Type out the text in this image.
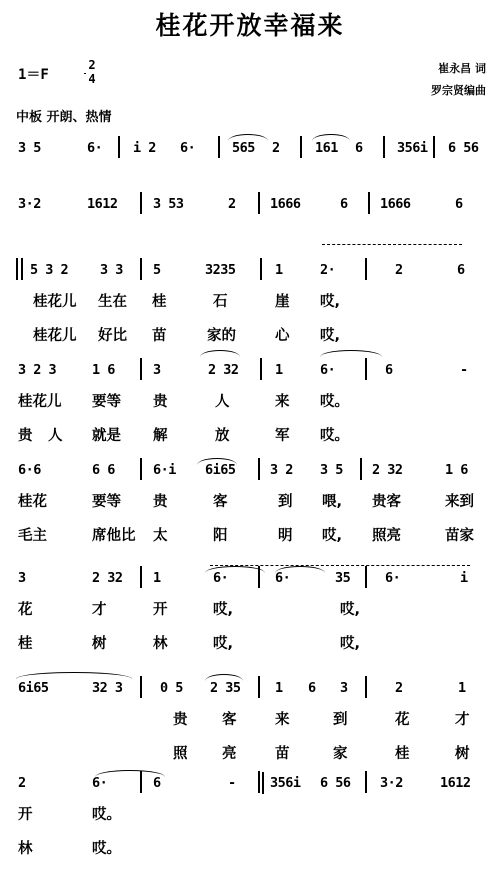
桂花开放幸福来
1＝F
2
4
崔永昌 词
罗宗贤编曲
中板 开朗、热情
3 5	6· i 2 6·	565 2	161 6	356i 6 56
3·2	1612	3 53	2	1666	6 1666	6
5 3 2 3 3 5	3235	1	2·	2	6
桂花儿 生在 桂	石	崖 哎,
桂花儿 好比 苗	家的	心 哎,
3 2 3	1 6	3	2 32	1	6·	6	-
桂花儿 要等 贵	人	来 哎。
贵 人 就是 解	放	军 哎。
6·6	6 6	6·i 6i65	3 2 3 5 2 32	1 6
桂花	要等 贵	客	到 喂, 贵客	来到
毛主	席他比 太	阳	明 哎, 照亮	苗家
3	2 32 1	6·	6·	35	6·	i
花	才	开	哎,	哎,
桂	树	林	哎,	哎,
6i65	32 3	0 5 2 35	1 6 3	2	1
贵 客	来	到	花	才
照 亮	苗	家	桂	树
2	6·	6	-	356i 6 56 3·2	1612
开	哎。
林	哎。
